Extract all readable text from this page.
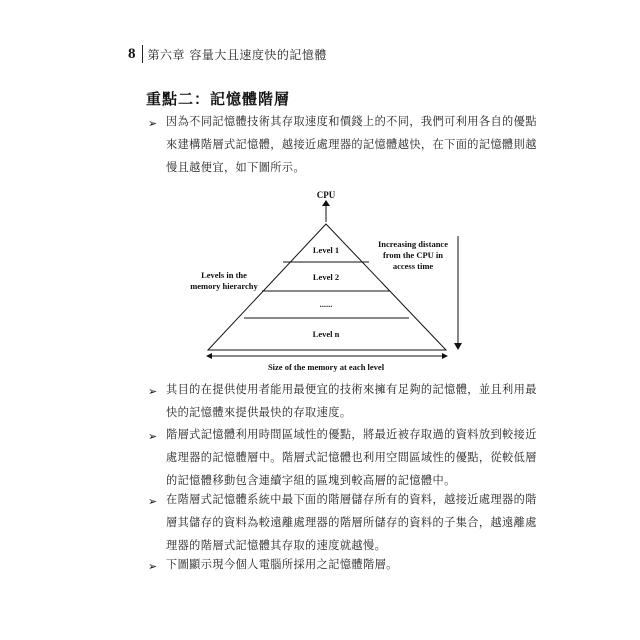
8 第六章 容量大且速度快的記憶體
重點二：記憶體階層
➢ 因為不同記憶體技術其存取速度和價錢上的不同，我們可利用各自的優點
來建構階層式記憶體，越接近處理器的記憶體越快，在下面的記憶體則越
慢且越便宜，如下圖所示。
CPU
Level 1
Level 2
......
Level n
Levels in the
memory hierarchy
Increasing distance
from the CPU in
access time
Size of the memory at each level
➢ 其目的在提供使用者能用最便宜的技術來擁有足夠的記憶體，並且利用最
快的記憶體來提供最快的存取速度。
➢ 階層式記憶體利用時間區域性的優點，將最近被存取過的資料放到較接近
處理器的記憶體層中。階層式記憶體也利用空間區域性的優點，從較低層
的記憶體移動包含連續字組的區塊到較高層的記憶體中。
➢ 在階層式記憶體系統中最下面的階層儲存所有的資料，越接近處理器的階
層其儲存的資料為較遠離處理器的階層所儲存的資料的子集合，越遠離處
理器的階層式記憶體其存取的速度就越慢。
➢ 下圖顯示現今個人電腦所採用之記憶體階層。
